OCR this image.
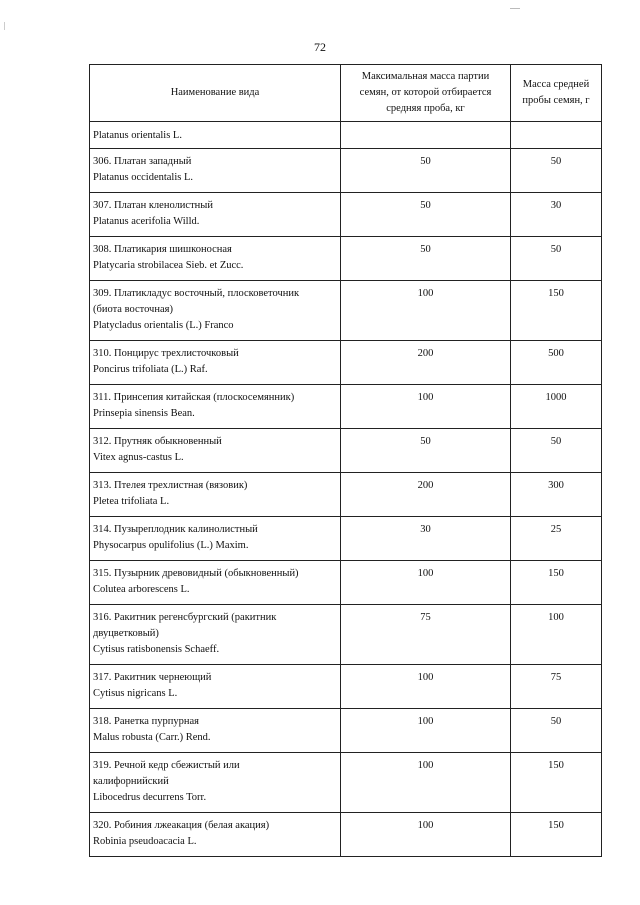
72
Наименование вида	Максимальная масса партии
семян, от которой отбирается
средняя проба, кг	Масса средней
пробы семян, г

Platanus orientalis L.		

306. Платан западный
Platanus occidentalis L.	50	50

307. Платан кленолистный
Platanus acerifolia Willd.	50	30

308. Платикария шишконосная
Platycaria strobilacea Sieb. et Zucc.	50	50

309. Платикладус восточный, плосковеточник
(биота восточная)
Platycladus orientalis (L.) Franco	100	150

310. Понцирус трехлисточковый
Poncirus trifoliata (L.) Raf.	200	500

311. Принсепия китайская (плоскосемянник)
Prinsepia sinensis Bean.	100	1000

312. Прутняк обыкновенный
Vitex agnus-castus L.	50	50

313. Птелея трехлистная (вязовик)
Pletea trifoliata L.	200	300

314. Пузыреплодник калинолистный
Physocarpus opulifolius (L.) Maxim.	30	25

315. Пузырник древовидный (обыкновенный)
Colutea arborescens L.	100	150

316. Ракитник регенсбургский (ракитник
двуцветковый)
Cytisus ratisbonensis Schaeff.	75	100

317. Ракитник чернеющий
Cytisus nigricans L.	100	75

318. Ранетка пурпурная
Malus robusta (Carr.) Rend.	100	50

319. Речной кедр сбежистый или
калифорнийский
Libocedrus decurrens Torr.	100	150

320. Робиния лжеакация (белая акация)
Robinia pseudoacacia L.	100	150
